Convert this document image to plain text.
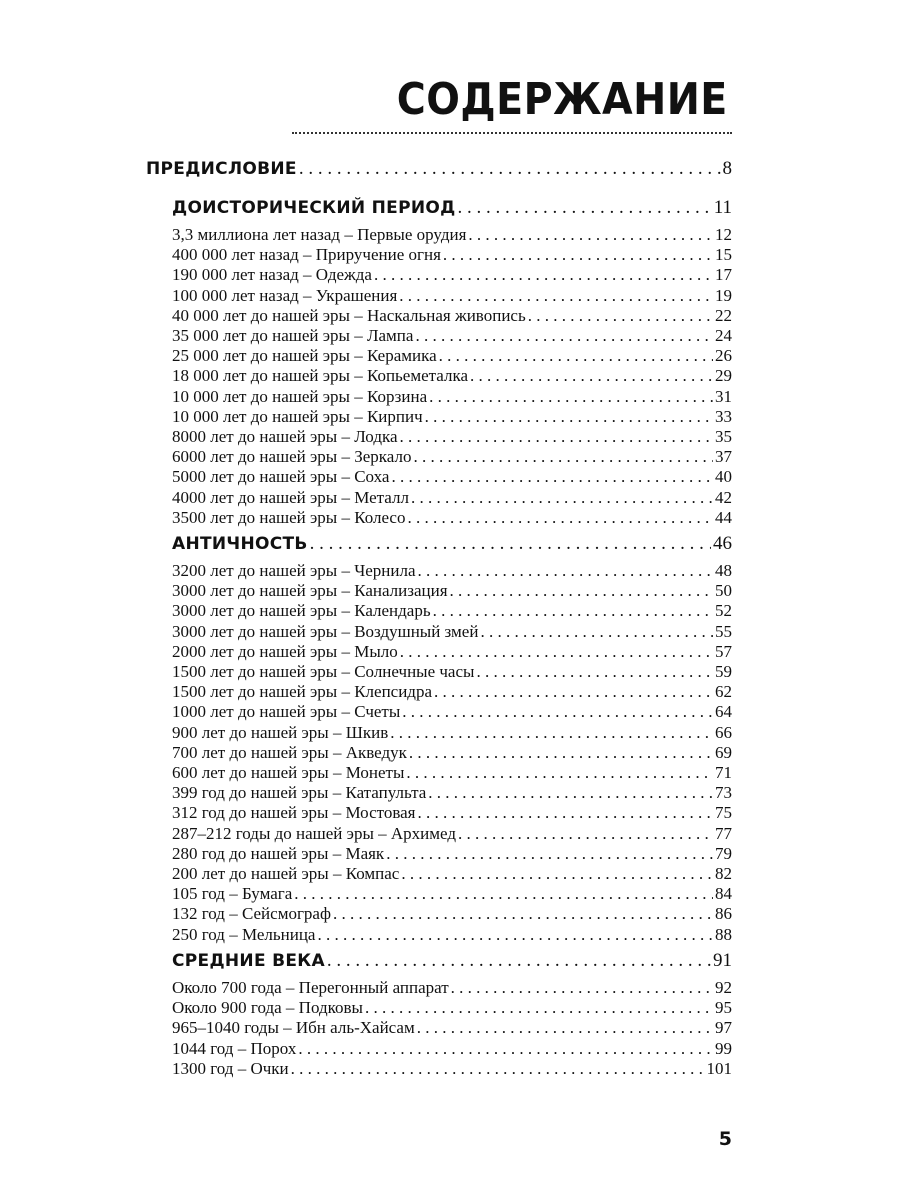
СОДЕРЖАНИЕ
ПРЕДИСЛОВИЕ . . .	8
ДОИСТОРИЧЕСКИЙ ПЕРИОД . . .	11
3,3 миллиона лет назад – Первые орудия . . .	12
400 000 лет назад – Приручение огня . . .	15
190 000 лет назад – Одежда . . .	17
100 000 лет назад – Украшения . . .	19
40 000 лет до нашей эры – Наскальная живопись . . .	22
35 000 лет до нашей эры – Лампа . . .	24
25 000 лет до нашей эры – Керамика . . .	26
18 000 лет до нашей эры – Копьеметалка . . .	29
10 000 лет до нашей эры – Корзина . . .	31
10 000 лет до нашей эры – Кирпич . . .	33
8000 лет до нашей эры – Лодка . . .	35
6000 лет до нашей эры – Зеркало . . .	37
5000 лет до нашей эры – Соха . . .	40
4000 лет до нашей эры – Металл . . .	42
3500 лет до нашей эры – Колесо . . .	44
АНТИЧНОСТЬ . . .	46
3200 лет до нашей эры – Чернила . . .	48
3000 лет до нашей эры – Канализация . . .	50
3000 лет до нашей эры – Календарь . . .	52
3000 лет до нашей эры – Воздушный змей . . .	55
2000 лет до нашей эры – Мыло . . .	57
1500 лет до нашей эры – Солнечные часы . . .	59
1500 лет до нашей эры – Клепсидра . . .	62
1000 лет до нашей эры – Счеты . . .	64
900 лет до нашей эры – Шкив . . .	66
700 лет до нашей эры – Акведук . . .	69
600 лет до нашей эры – Монеты . . .	71
399 год до нашей эры – Катапульта . . .	73
312 год до нашей эры – Мостовая . . .	75
287–212 годы до нашей эры – Архимед . . .	77
280 год до нашей эры – Маяк . . .	79
200 лет до нашей эры – Компас . . .	82
105 год – Бумага . . .	84
132 год – Сейсмограф . . .	86
250 год – Мельница . . .	88
СРЕДНИЕ ВЕКА . . .	91
Около 700 года – Перегонный аппарат . . .	92
Около 900 года – Подковы . . .	95
965–1040 годы – Ибн аль-Хайсам . . .	97
1044 год – Порох . . .	99
1300 год – Очки . . .	101
5
